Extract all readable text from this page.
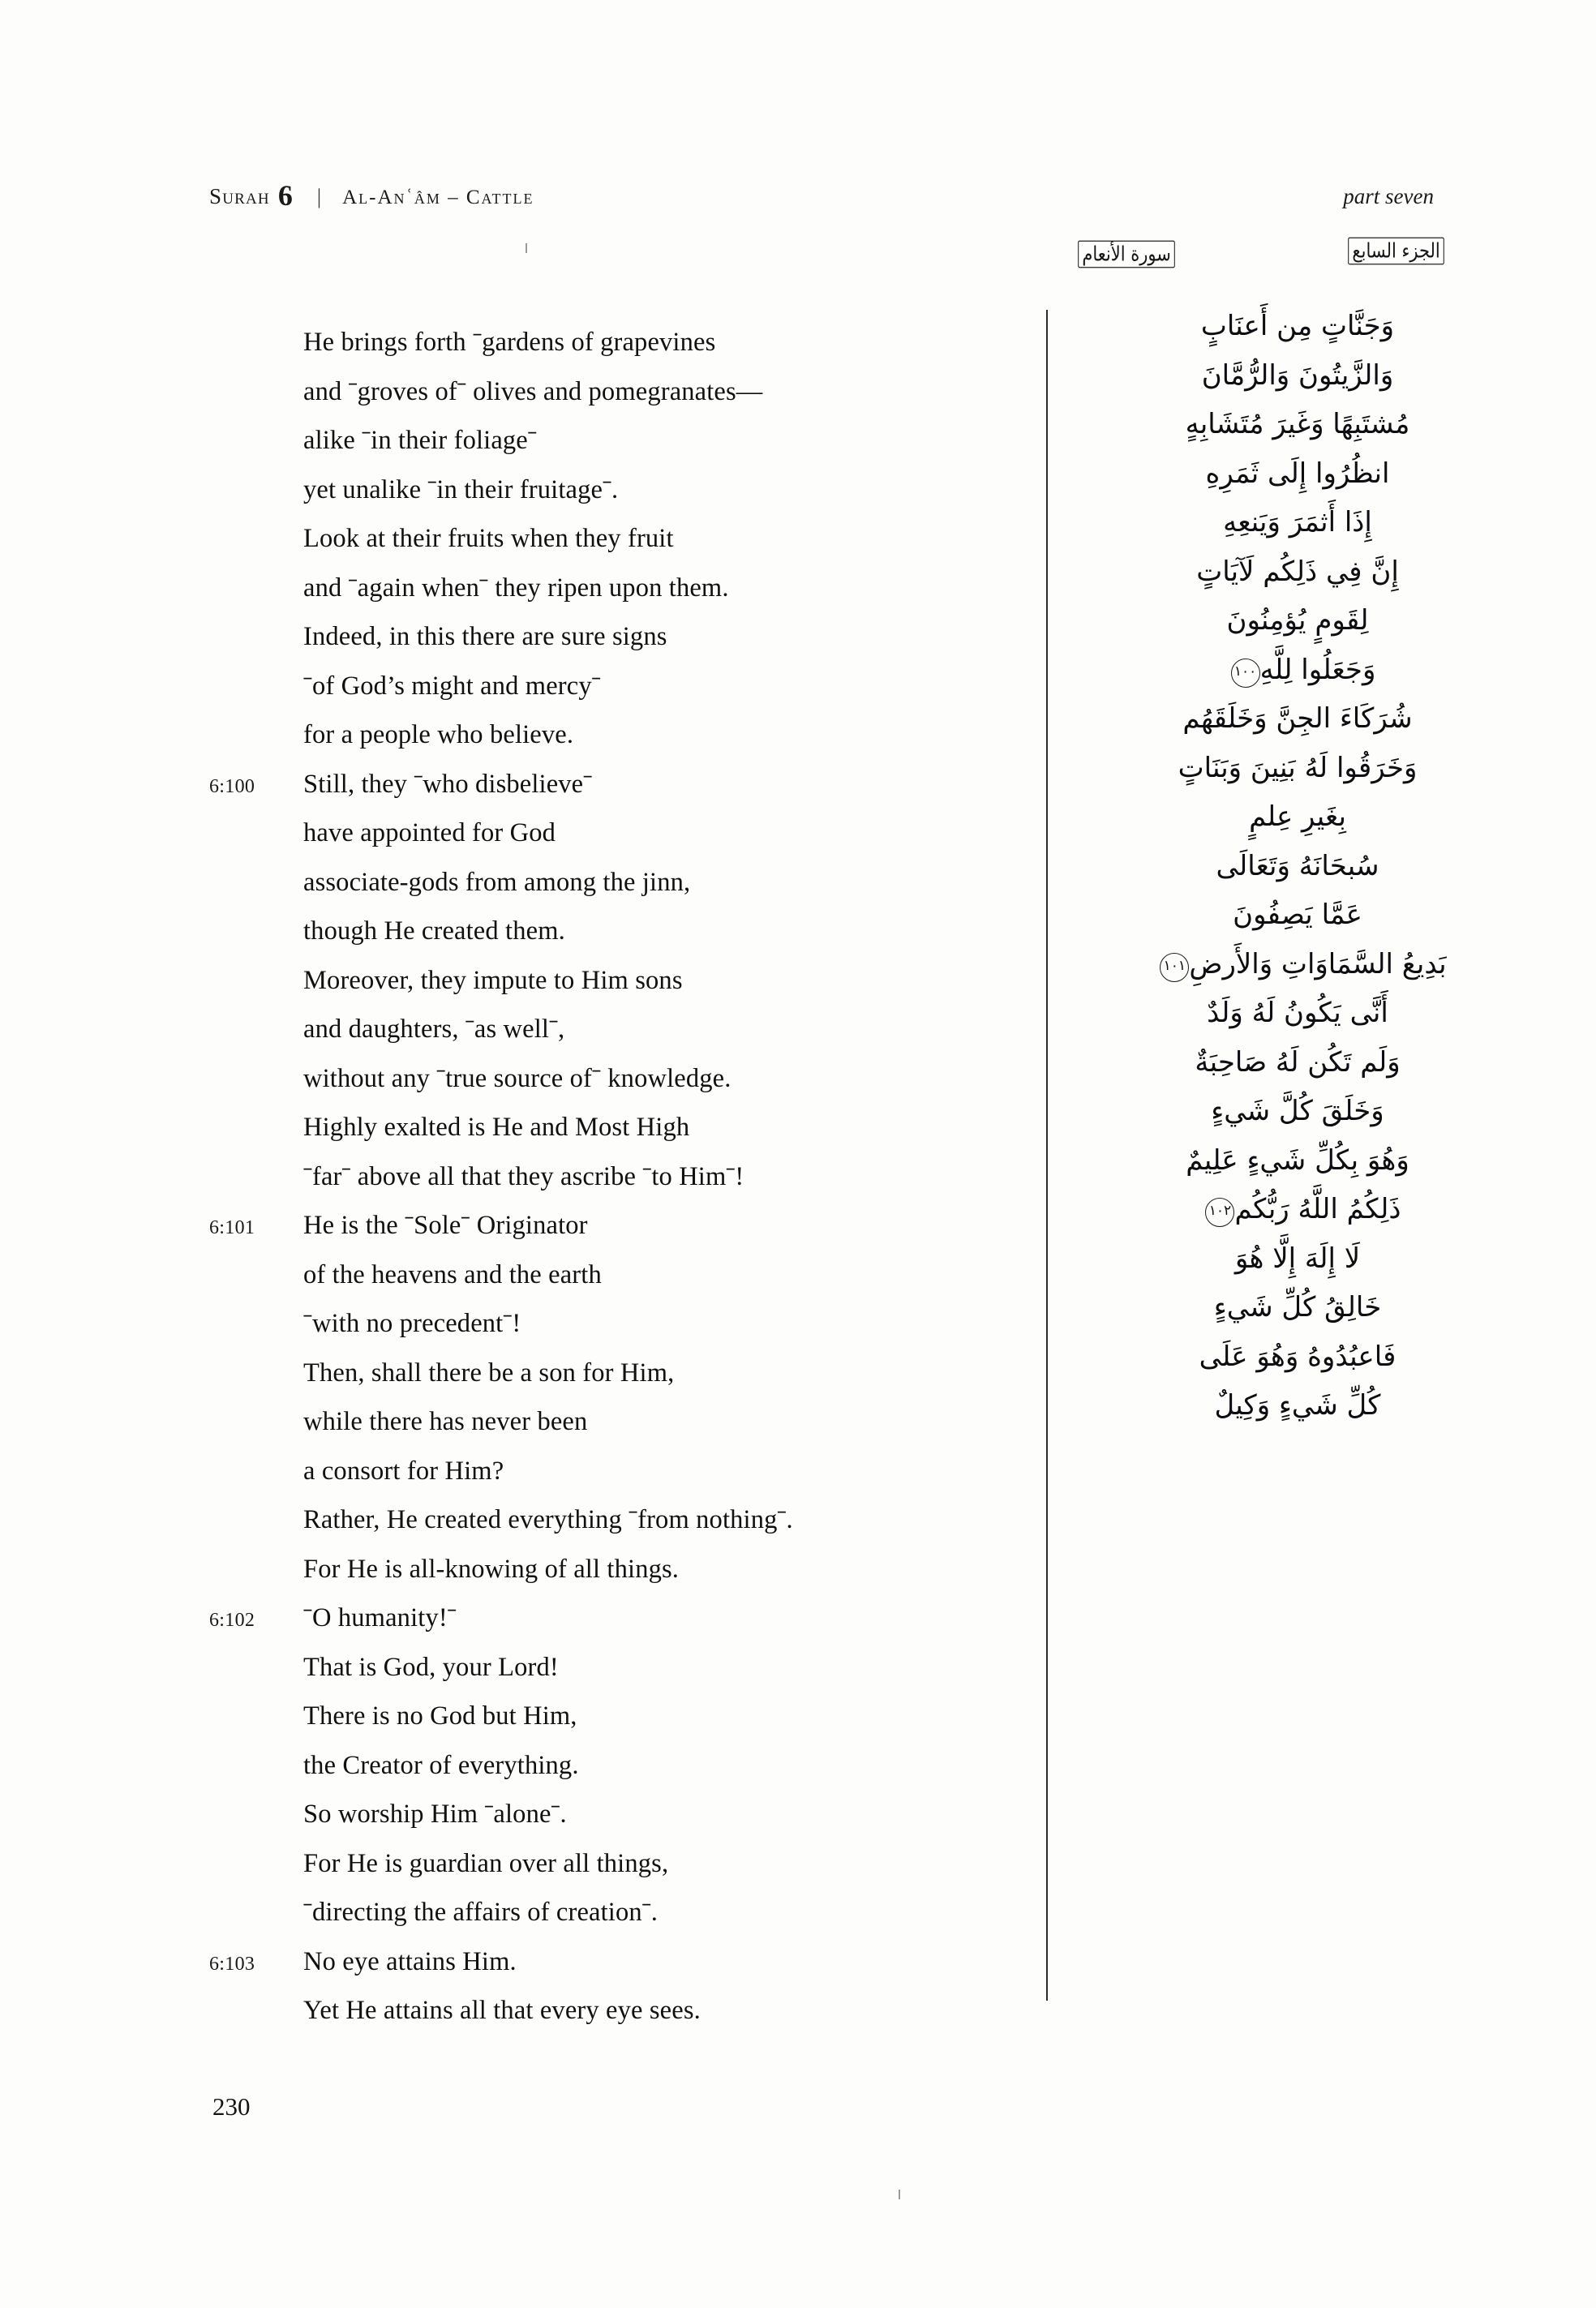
Surah 6 | Al-Anʿâm – Cattle	part seven
سورة الأنعام	الجزء السابع
He brings forth ˉgardens of grapevines
and ˉgroves ofˉ olives and pomegranates—
alike ˉin their foliageˉ
yet unalike ˉin their fruitageˉ.
Look at their fruits when they fruit
and ˉagain whenˉ they ripen upon them.
Indeed, in this there are sure signs
ˉof God’s might and mercyˉ
for a people who believe.
6:100	Still, they ˉwho disbelieveˉ
have appointed for God
associate-gods from among the jinn,
though He created them.
Moreover, they impute to Him sons
and daughters, ˉas wellˉ,
without any ˉtrue source ofˉ knowledge.
Highly exalted is He and Most High
ˉfarˉ above all that they ascribe ˉto Himˉ!
6:101	He is the ˉSoleˉ Originator
of the heavens and the earth
ˉwith no precedentˉ!
Then, shall there be a son for Him,
while there has never been
a consort for Him?
Rather, He created everything ˉfrom nothingˉ.
For He is all-knowing of all things.
6:102	ˉO humanity!ˉ
That is God, your Lord!
There is no God but Him,
the Creator of everything.
So worship Him ˉaloneˉ.
For He is guardian over all things,
ˉdirecting the affairs of creationˉ.
6:103	No eye attains Him.
Yet He attains all that every eye sees.
وَجَنَّاتٍ مِن أَعنَابٍ
وَالزَّيتُونَ وَالرُّمَّانَ
مُشتَبِهًا وَغَيرَ مُتَشَابِهٍ
انظُرُوا إِلَى ثَمَرِهِ
إِذَا أَثمَرَ وَيَنعِهِ
إِنَّ فِي ذَلِكُم لَآيَاتٍ
لِقَومٍ يُؤمِنُونَ
وَجَعَلُوا لِلَّهِ١٠٠
شُرَكَاءَ الجِنَّ وَخَلَقَهُم
وَخَرَقُوا لَهُ بَنِينَ وَبَنَاتٍ
بِغَيرِ عِلمٍ
سُبحَانَهُ وَتَعَالَى
عَمَّا يَصِفُونَ
بَدِيعُ السَّمَاوَاتِ وَالأَرضِ١٠١
أَنَّى يَكُونُ لَهُ وَلَدٌ
وَلَم تَكُن لَهُ صَاحِبَةٌ
وَخَلَقَ كُلَّ شَيءٍ
وَهُوَ بِكُلِّ شَيءٍ عَلِيمٌ
ذَلِكُمُ اللَّهُ رَبُّكُم١٠٢
لَا إِلَهَ إِلَّا هُوَ
خَالِقُ كُلِّ شَيءٍ
فَاعبُدُوهُ وَهُوَ عَلَى
كُلِّ شَيءٍ وَكِيلٌ
230
